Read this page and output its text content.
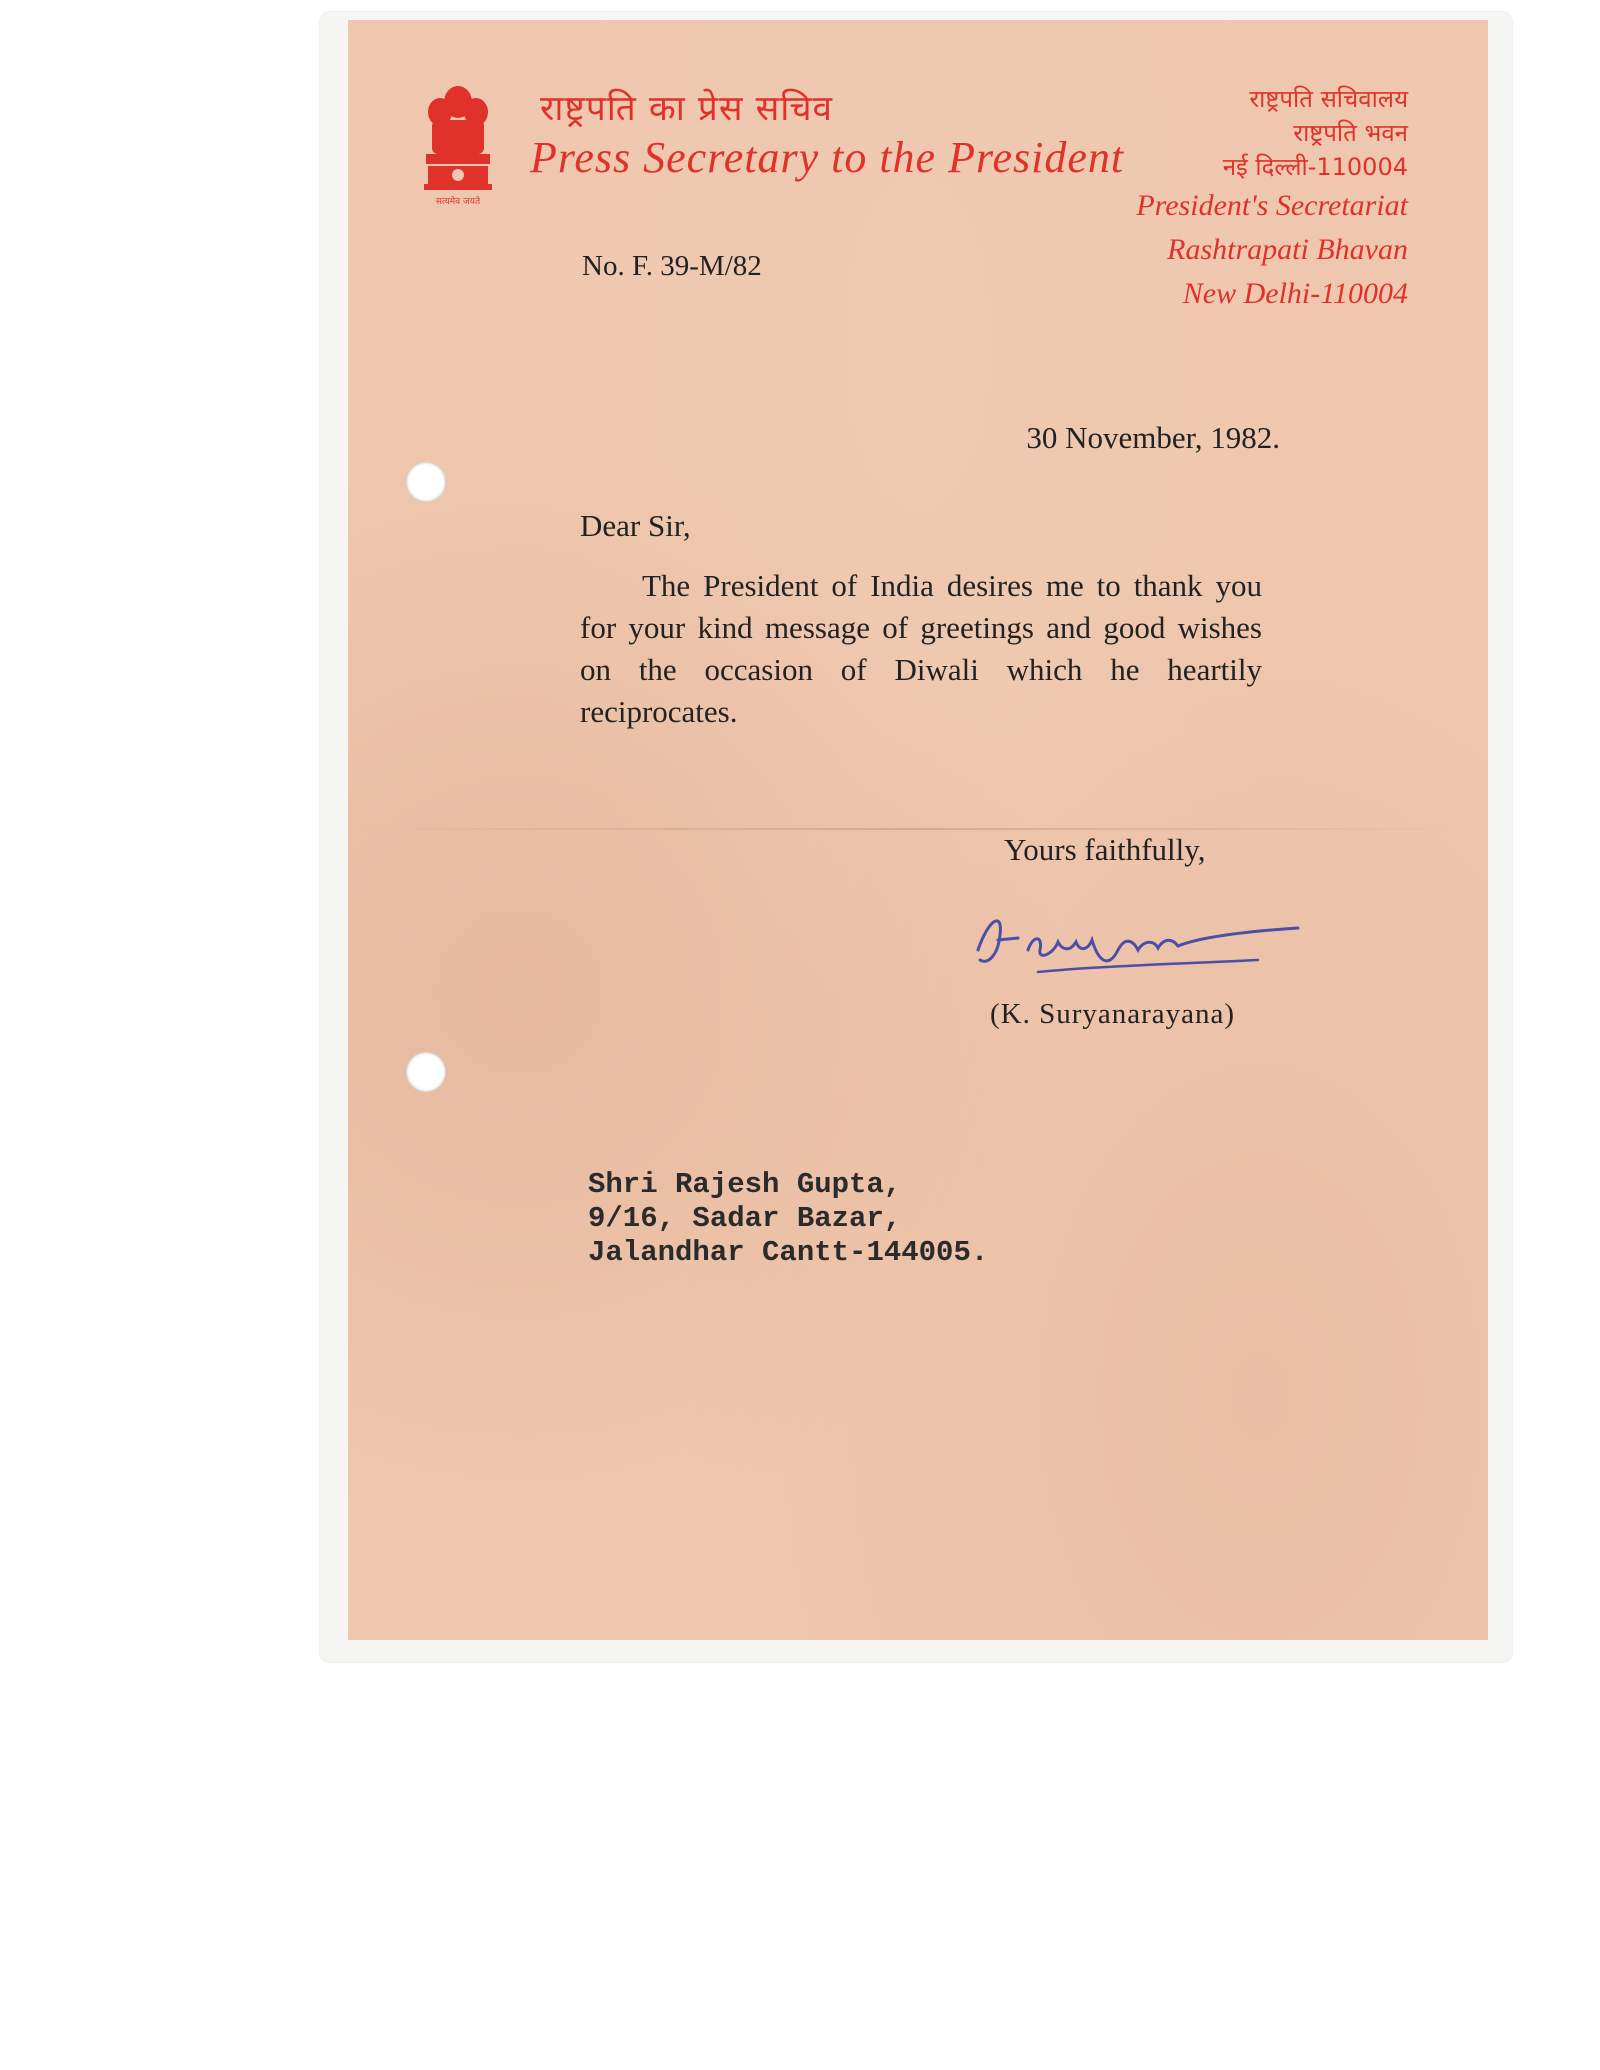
सत्यमेव जयते
राष्ट्रपति का प्रेस सचिव
Press Secretary to the President
राष्ट्रपति सचिवालय
राष्ट्रपति भवन
नई दिल्ली-110004
President's Secretariat
Rashtrapati Bhavan
New Delhi-110004
No. F. 39-M/82
30 November, 1982.
Dear Sir,
The President of India desires me to thank you for your kind message of greetings and good wishes on the occasion of Diwali which he heartily reciprocates.
Yours faithfully,
(K. Suryanarayana)
Shri Rajesh Gupta,
9/16, Sadar Bazar,
Jalandhar Cantt-144005.
